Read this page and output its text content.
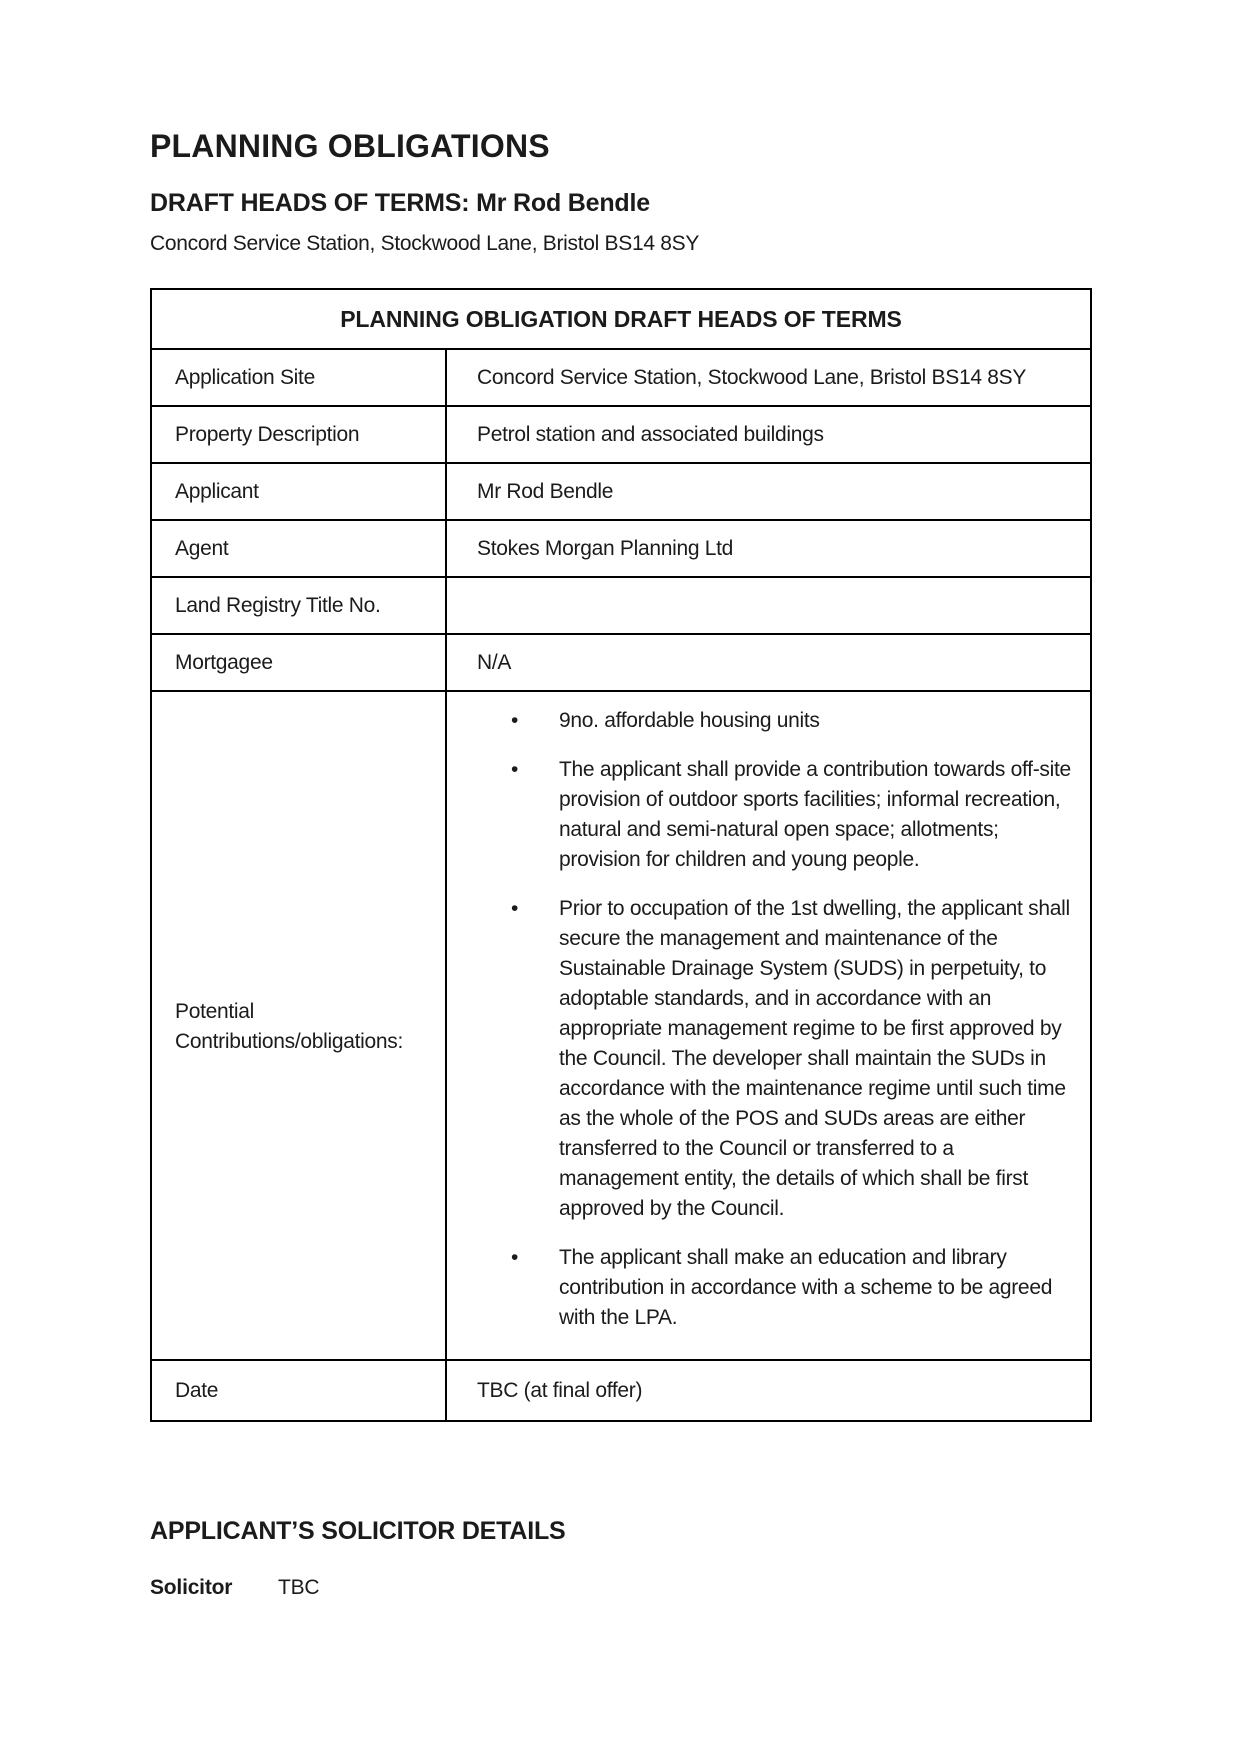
PLANNING OBLIGATIONS
DRAFT HEADS OF TERMS: Mr Rod Bendle

Concord Service Station, Stockwood Lane, Bristol BS14 8SY

PLANNING OBLIGATION DRAFT HEADS OF TERMS	
Application Site	Concord Service Station, Stockwood Lane, Bristol BS14 8SY
Property Description	Petrol station and associated buildings
Applicant	Mr Rod Bendle
Agent	Stokes Morgan Planning Ltd
Land Registry Title No.	
Mortgagee	N/A

Potential
Contributions/obligations:

• 9no. affordable housing units
• The applicant shall provide a contribution towards off-site provision of outdoor sports facilities; informal recreation, natural and semi-natural open space; allotments; provision for children and young people.
• Prior to occupation of the 1st dwelling, the applicant shall secure the management and maintenance of the Sustainable Drainage System (SUDS) in perpetuity, to adoptable standards, and in accordance with an appropriate management regime to be first approved by the Council. The developer shall maintain the SUDs in accordance with the maintenance regime until such time as the whole of the POS and SUDs areas are either transferred to the Council or transferred to a management entity, the details of which shall be first approved by the Council.
• The applicant shall make an education and library contribution in accordance with a scheme to be agreed with the LPA.

Date	TBC (at final offer)
APPLICANT’S SOLICITOR DETAILS

Solicitor TBC
